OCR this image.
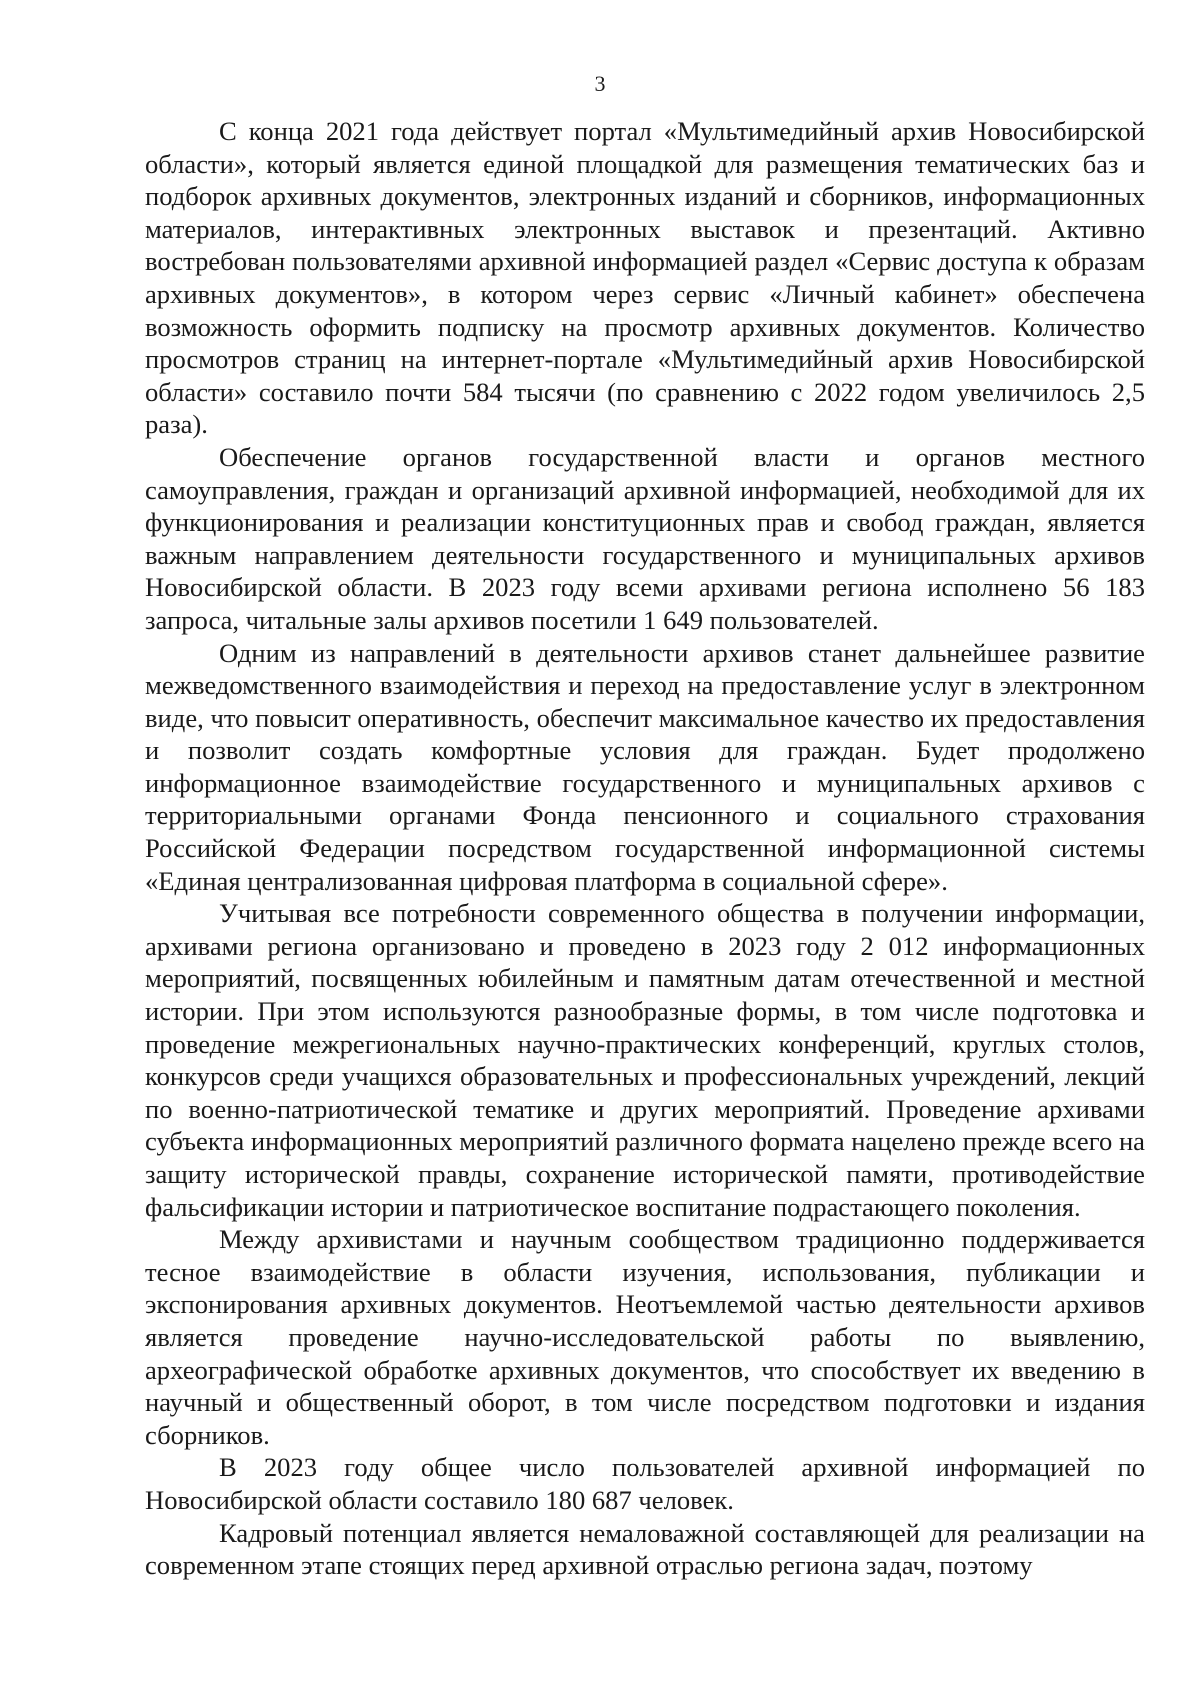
3

С конца 2021 года действует портал «Мультимедийный архив Новосибирской области», который является единой площадкой для размещения тематических баз и подборок архивных документов, электронных изданий и сборников, информационных материалов, интерактивных электронных выставок и презентаций. Активно востребован пользователями архивной информацией раздел «Сервис доступа к образам архивных документов», в котором через сервис «Личный кабинет» обеспечена возможность оформить подписку на просмотр архивных документов. Количество просмотров страниц на интернет-портале «Мультимедийный архив Новосибирской области» составило почти 584 тысячи (по сравнению с 2022 годом увеличилось 2,5 раза).

Обеспечение органов государственной власти и органов местного самоуправления, граждан и организаций архивной информацией, необходимой для их функционирования и реализации конституционных прав и свобод граждан, является важным направлением деятельности государственного и муниципальных архивов Новосибирской области. В 2023 году всеми архивами региона исполнено 56 183 запроса, читальные залы архивов посетили 1 649 пользователей.

Одним из направлений в деятельности архивов станет дальнейшее развитие межведомственного взаимодействия и переход на предоставление услуг в электронном виде, что повысит оперативность, обеспечит максимальное качество их предоставления и позволит создать комфортные условия для граждан. Будет продолжено информационное взаимодействие государственного и муниципальных архивов с территориальными органами Фонда пенсионного и социального страхования Российской Федерации посредством государственной информационной системы «Единая централизованная цифровая платформа в социальной сфере».

Учитывая все потребности современного общества в получении информации, архивами региона организовано и проведено в 2023 году 2 012 информационных мероприятий, посвященных юбилейным и памятным датам отечественной и местной истории. При этом используются разнообразные формы, в том числе подготовка и проведение межрегиональных научно-практических конференций, круглых столов, конкурсов среди учащихся образовательных и профессиональных учреждений, лекций по военно-патриотической тематике и других мероприятий. Проведение архивами субъекта информационных мероприятий различного формата нацелено прежде всего на защиту исторической правды, сохранение исторической памяти, противодействие фальсификации истории и патриотическое воспитание подрастающего поколения.

Между архивистами и научным сообществом традиционно поддерживается тесное взаимодействие в области изучения, использования, публикации и экспонирования архивных документов. Неотъемлемой частью деятельности архивов является проведение научно-исследовательской работы по выявлению, археографической обработке архивных документов, что способствует их введению в научный и общественный оборот, в том числе посредством подготовки и издания сборников.

В 2023 году общее число пользователей архивной информацией по Новосибирской области составило 180 687 человек.

Кадровый потенциал является немаловажной составляющей для реализации на современном этапе стоящих перед архивной отраслью региона задач, поэтому
